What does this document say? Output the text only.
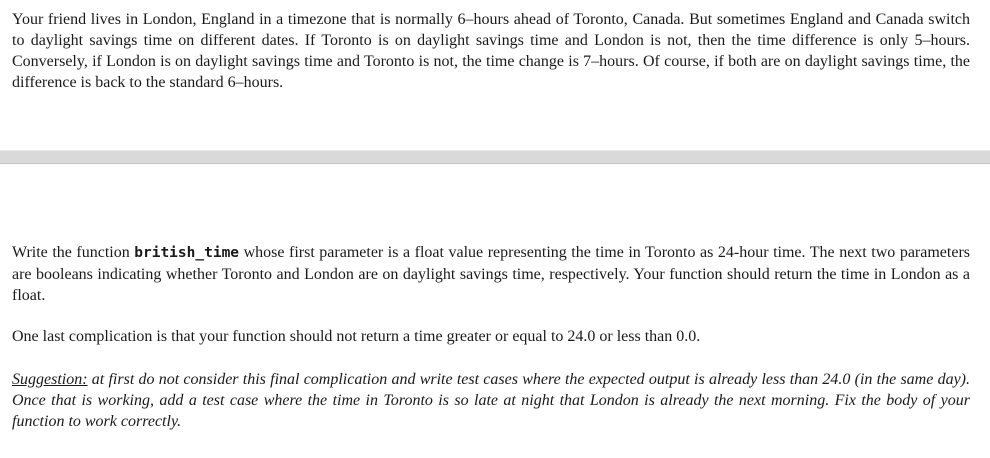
Your friend lives in London, England in a timezone that is normally 6–hours ahead of Toronto, Canada. But sometimes England and Canada switch to daylight savings time on different dates. If Toronto is on daylight savings time and London is not, then the time difference is only 5–hours. Conversely, if London is on daylight savings time and Toronto is not, the time change is 7–hours. Of course, if both are on daylight savings time, the difference is back to the standard 6–hours.

Write the function british_time whose first parameter is a float value representing the time in Toronto as 24-hour time. The next two parameters are booleans indicating whether Toronto and London are on daylight savings time, respectively. Your function should return the time in London as a float.

One last complication is that your function should not return a time greater or equal to 24.0 or less than 0.0.

Suggestion: at first do not consider this final complication and write test cases where the expected output is already less than 24.0 (in the same day). Once that is working, add a test case where the time in Toronto is so late at night that London is already the next morning. Fix the body of your function to work correctly.
